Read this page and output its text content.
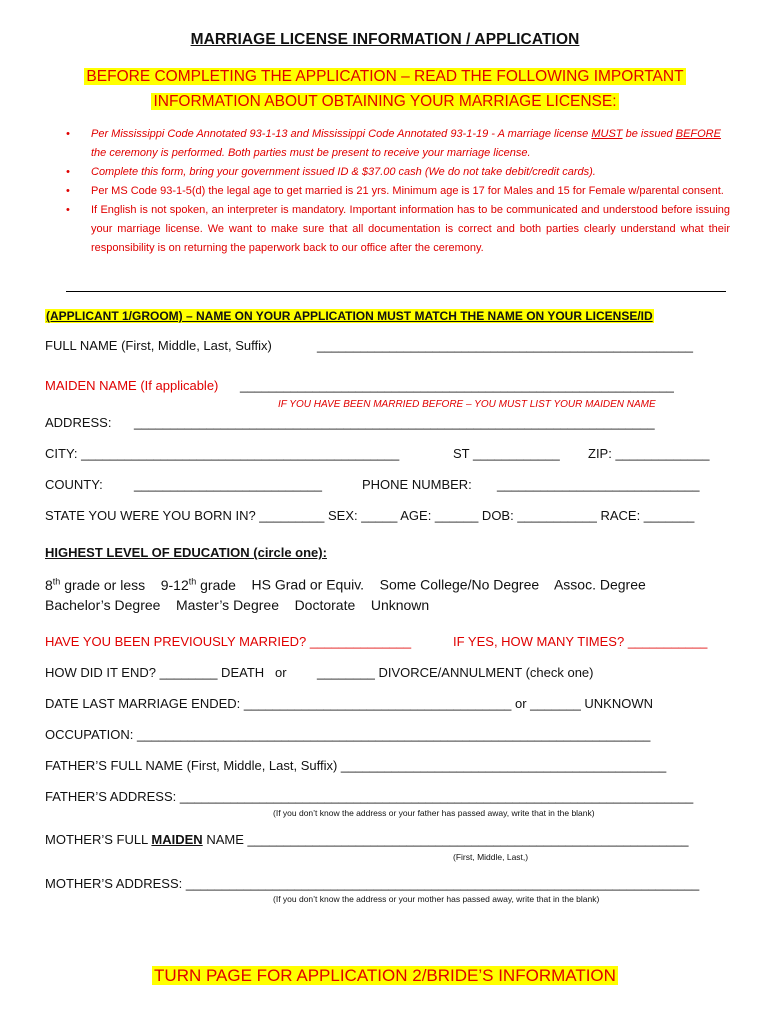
MARRIAGE LICENSE INFORMATION / APPLICATION
BEFORE COMPLETING THE APPLICATION – READ THE FOLLOWING IMPORTANT
INFORMATION ABOUT OBTAINING YOUR MARRIAGE LICENSE:
• Per Mississippi Code Annotated 93-1-13 and Mississippi Code Annotated 93-1-19 - A marriage license MUST be issued BEFORE the ceremony is performed. Both parties must be present to receive your marriage license.
• Complete this form, bring your government issued ID & $37.00 cash (We do not take debit/credit cards).
• Per MS Code 93-1-5(d) the legal age to get married is 21 yrs. Minimum age is 17 for Males and 15 for Female w/parental consent.
• If English is not spoken, an interpreter is mandatory. Important information has to be communicated and understood before issuing your marriage license. We want to make sure that all documentation is correct and both parties clearly understand what their responsibility is on returning the paperwork back to our office after the ceremony.
(APPLICANT 1/GROOM) – NAME ON YOUR APPLICATION MUST MATCH THE NAME ON YOUR LICENSE/ID
FULL NAME (First, Middle, Last, Suffix)	____________________________________________________
MAIDEN NAME (If applicable) ____________________________________________________________
IF YOU HAVE BEEN MARRIED BEFORE – YOU MUST LIST YOUR MAIDEN NAME
ADDRESS: ________________________________________________________________________
CITY: ____________________________________________	ST ____________ ZIP: _____________
COUNTY: __________________________	PHONE NUMBER: ____________________________
STATE YOU WERE YOU BORN IN? _________ SEX: _____ AGE: ______ DOB: ___________ RACE: _______
HIGHEST LEVEL OF EDUCATION (circle one):
8th grade or less 9-12th grade HS Grad or Equiv. Some College/No Degree Assoc. Degree
Bachelor’s Degree Master’s Degree Doctorate Unknown
HAVE YOU BEEN PREVIOUSLY MARRIED? ______________	IF YES, HOW MANY TIMES? ___________
HOW DID IT END? ________ DEATH   or ________ DIVORCE/ANNULMENT (check one)
DATE LAST MARRIAGE ENDED: _____________________________________ or _______ UNKNOWN
OCCUPATION: _______________________________________________________________________
FATHER’S FULL NAME (First, Middle, Last, Suffix) _____________________________________________
FATHER’S ADDRESS: _______________________________________________________________________
(If you don’t know the address or your father has passed away, write that in the blank)
MOTHER’S FULL MAIDEN NAME _____________________________________________________________
(First, Middle, Last,)
MOTHER’S ADDRESS: _______________________________________________________________________
(If you don’t know the address or your mother has passed away, write that in the blank)
TURN PAGE FOR APPLICATION 2/BRIDE’S INFORMATION
